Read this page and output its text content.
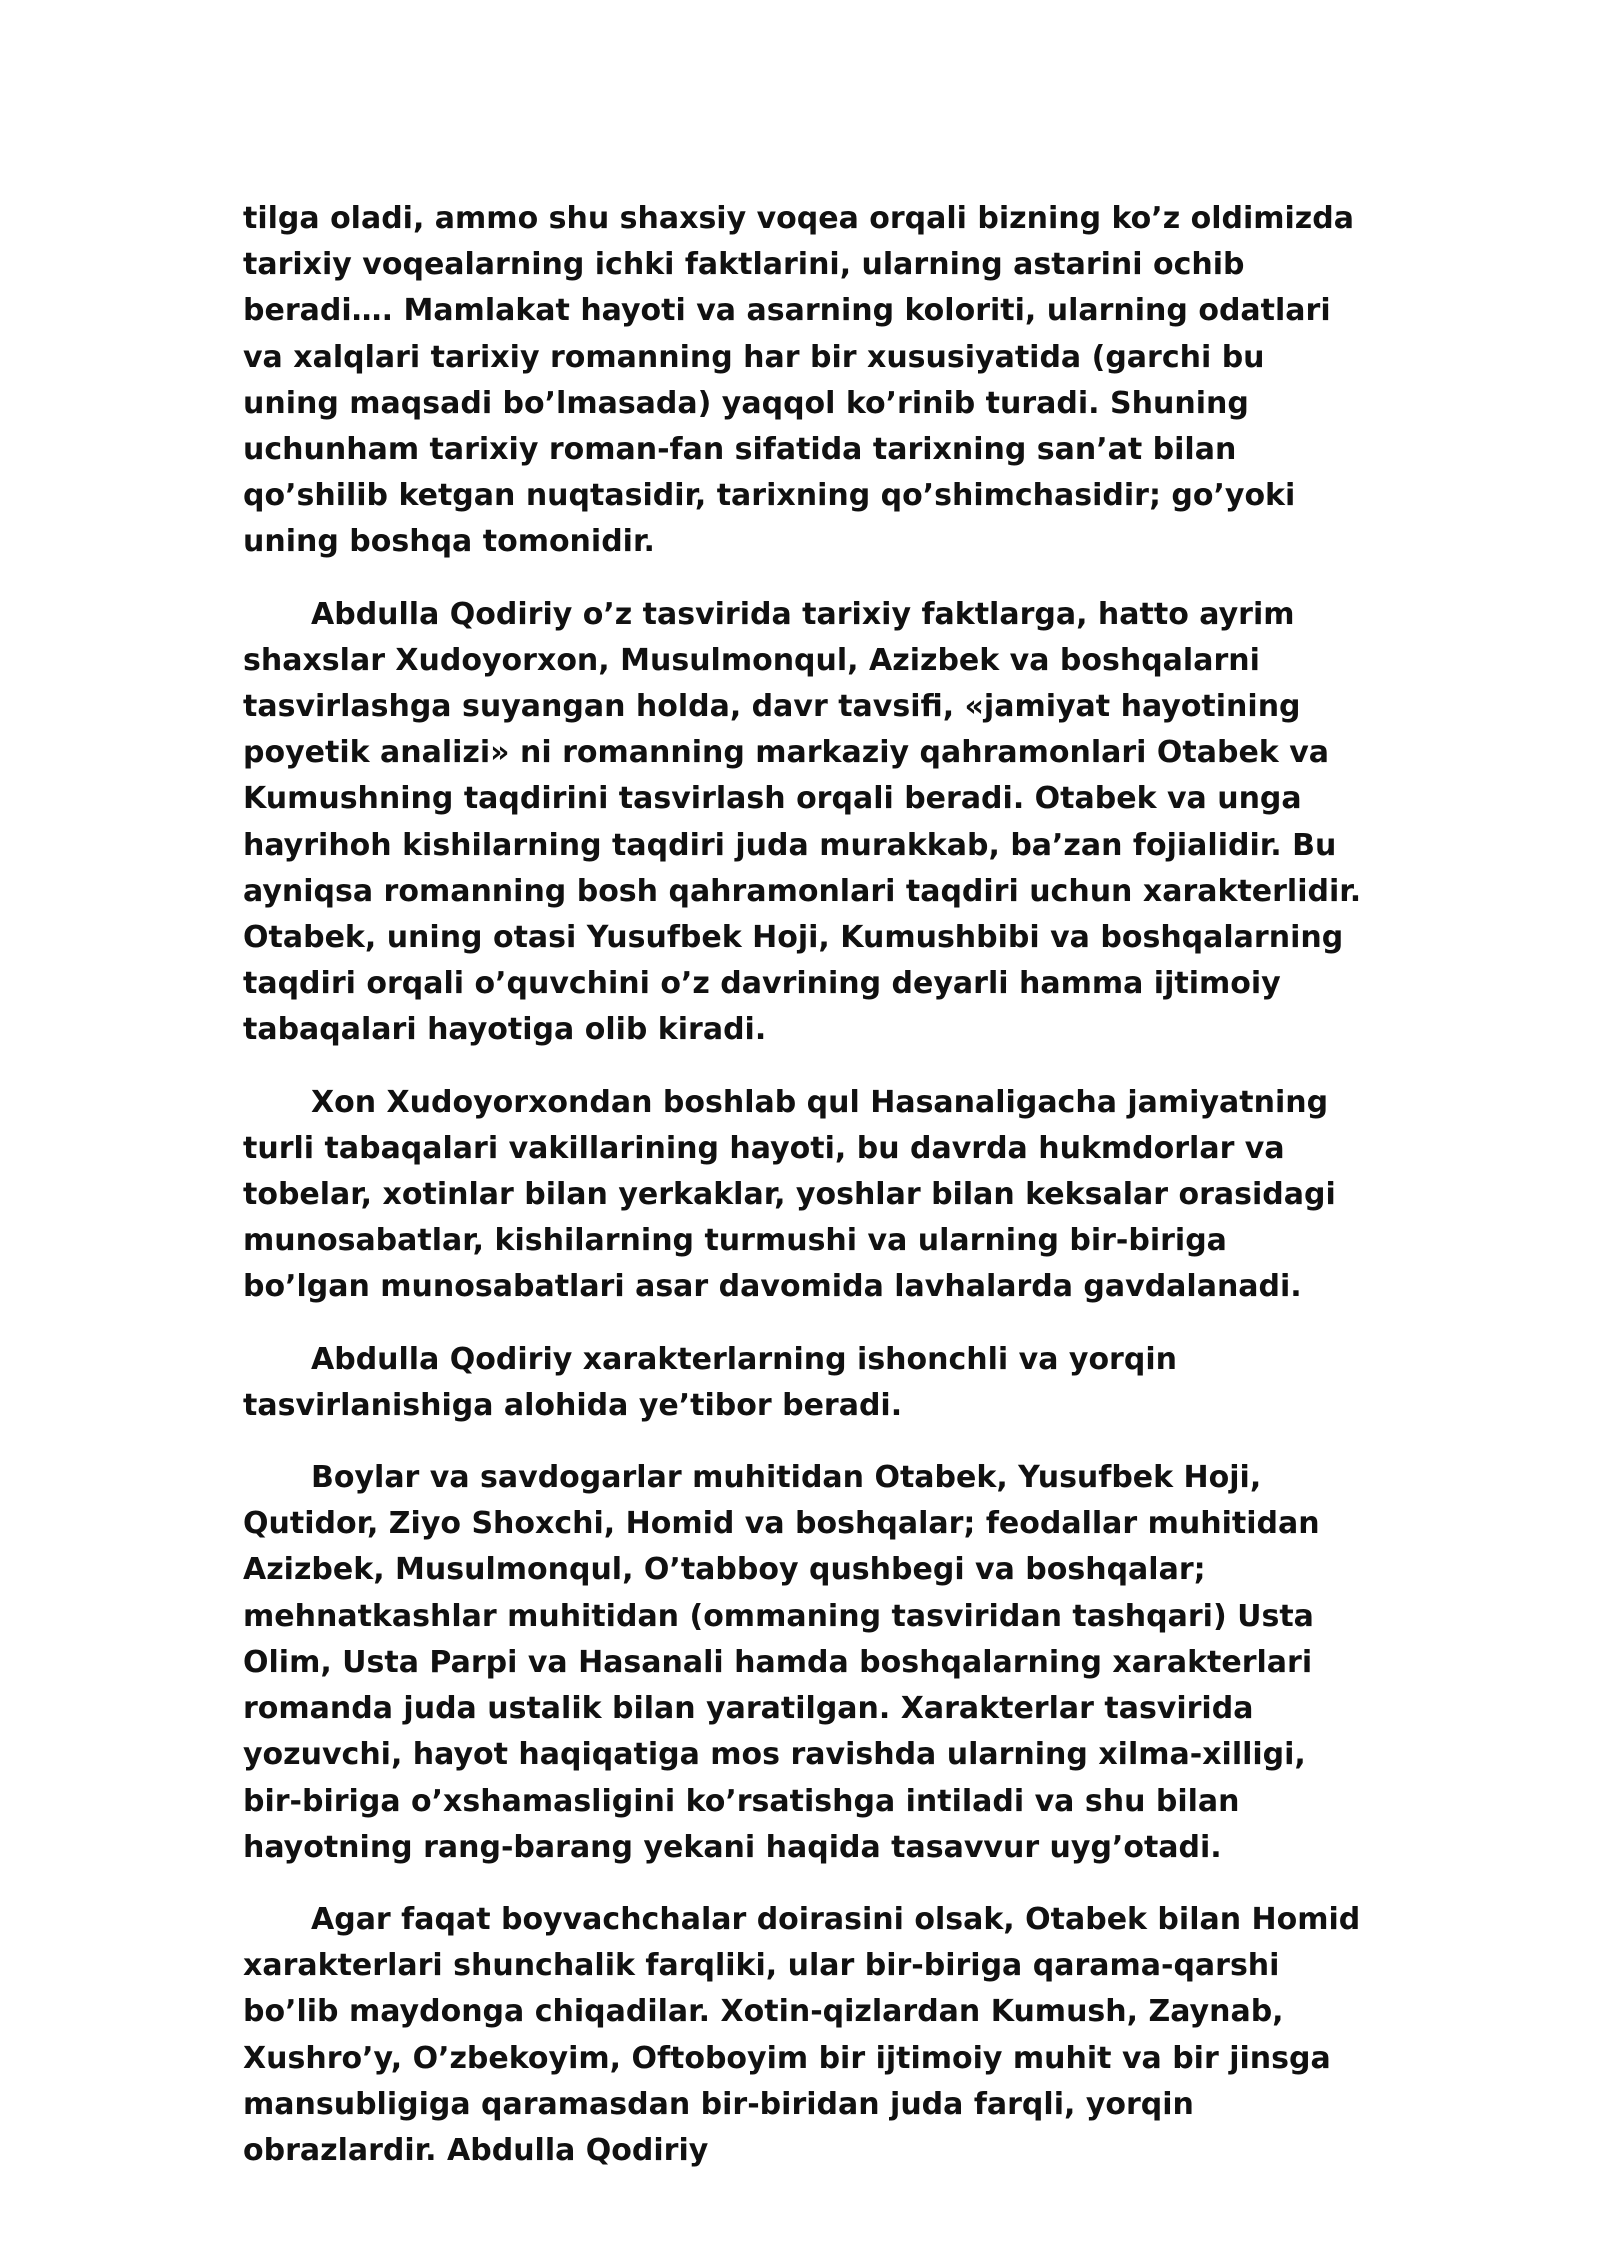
tilga oladi, ammo shu shaxsiy voqea orqali bizning ko’z oldimizda tarixiy voqealarning ichki faktlarini, ularning astarini ochib beradi…. Mamlakat hayoti va asarning koloriti, ularning odatlari va xalqlari tarixiy romanning har bir xususiyatida (garchi bu uning maqsadi bo’lmasada) yaqqol ko’rinib turadi. Shuning uchunham tarixiy roman-fan sifatida tarixning san’at bilan qo’shilib ketgan nuqtasidir, tarixning qo’shimchasidir; go’yoki uning boshqa tomonidir.

Abdulla Qodiriy o’z tasvirida tarixiy faktlarga, hatto ayrim shaxslar Xudoyorxon, Musulmonqul, Azizbek va boshqalarni tasvirlashga suyangan holda, davr tavsifi, «jamiyat hayotining poyetik analizi» ni romanning markaziy qahramonlari Otabek va Kumushning taqdirini tasvirlash orqali beradi. Otabek va unga hayrihoh kishilarning taqdiri juda murakkab, ba’zan fojialidir. Bu ayniqsa romanning bosh qahramonlari taqdiri uchun xarakterlidir. Otabek, uning otasi Yusufbek Hoji, Kumushbibi va boshqalarning taqdiri orqali o’quvchini o’z davrining deyarli hamma ijtimoiy tabaqalari hayotiga olib kiradi.

Xon Xudoyorxondan boshlab qul Hasanaligacha jamiyatning turli tabaqalari vakillarining hayoti, bu davrda hukmdorlar va tobelar, xotinlar bilan yerkaklar, yoshlar bilan keksalar orasidagi munosabatlar, kishilarning turmushi va ularning bir-biriga bo’lgan munosabatlari asar davomida lavhalarda gavdalanadi.

Abdulla Qodiriy xarakterlarning ishonchli va yorqin tasvirlanishiga alohida ye’tibor beradi.

Boylar va savdogarlar muhitidan Otabek, Yusufbek Hoji, Qutidor, Ziyo Shoxchi, Homid va boshqalar; feodallar muhitidan Azizbek, Musulmonqul, O’tabboy qushbegi va boshqalar; mehnatkashlar muhitidan (ommaning tasviridan tashqari) Usta Olim, Usta Parpi va Hasanali hamda boshqalarning xarakterlari romanda juda ustalik bilan yaratilgan. Xarakterlar tasvirida yozuvchi, hayot haqiqatiga mos ravishda ularning xilma-xilligi, bir-biriga o’xshamasligini ko’rsatishga intiladi va shu bilan hayotning rang-barang yekani haqida tasavvur uyg’otadi.

Agar faqat boyvachchalar doirasini olsak, Otabek bilan Homid xarakterlari shunchalik farqliki, ular bir-biriga qarama-qarshi bo’lib maydonga chiqadilar. Xotin-qizlardan Kumush, Zaynab, Xushro’y, O’zbekoyim, Oftoboyim bir ijtimoiy muhit va bir jinsga mansubligiga qaramasdan bir-biridan juda farqli, yorqin obrazlardir. Abdulla Qodiriy
